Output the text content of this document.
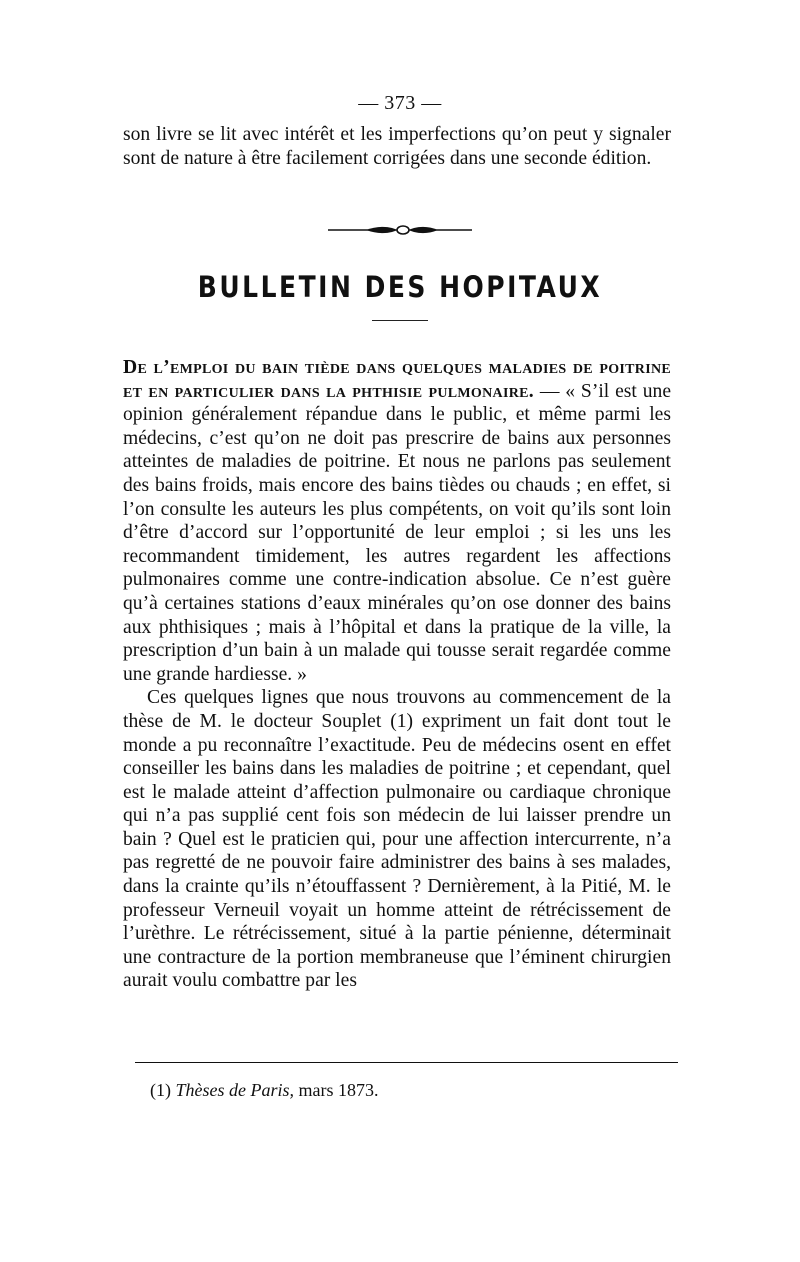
— 373 —

son livre se lit avec intérêt et les imperfections qu’on peut y signaler sont de nature à être facilement corrigées dans une seconde édition.

BULLETIN DES HOPITAUX

De l’emploi du bain tiède dans quelques maladies de poitrine et en particulier dans la phthisie pulmonaire. — « S’il est une opinion généralement répandue dans le public, et même parmi les médecins, c’est qu’on ne doit pas prescrire de bains aux personnes atteintes de maladies de poitrine. Et nous ne parlons pas seulement des bains froids, mais encore des bains tièdes ou chauds ; en effet, si l’on consulte les auteurs les plus compétents, on voit qu’ils sont loin d’être d’accord sur l’opportunité de leur emploi ; si les uns les recommandent timidement, les autres regardent les affections pulmonaires comme une contre-indication absolue. Ce n’est guère qu’à certaines stations d’eaux minérales qu’on ose donner des bains aux phthisiques ; mais à l’hôpital et dans la pratique de la ville, la prescription d’un bain à un malade qui tousse serait regardée comme une grande hardiesse. »

Ces quelques lignes que nous trouvons au commencement de la thèse de M. le docteur Souplet (1) expriment un fait dont tout le monde a pu reconnaître l’exactitude. Peu de médecins osent en effet conseiller les bains dans les maladies de poitrine ; et cependant, quel est le malade atteint d’affection pulmonaire ou cardiaque chronique qui n’a pas supplié cent fois son médecin de lui laisser prendre un bain ? Quel est le praticien qui, pour une affection intercurrente, n’a pas regretté de ne pouvoir faire administrer des bains à ses malades, dans la crainte qu’ils n’étouffassent ? Dernièrement, à la Pitié, M. le professeur Verneuil voyait un homme atteint de rétrécissement de l’urèthre. Le rétrécissement, situé à la partie pénienne, déterminait une contracture de la portion membraneuse que l’éminent chirurgien aurait voulu combattre par les

(1) Thèses de Paris, mars 1873.
